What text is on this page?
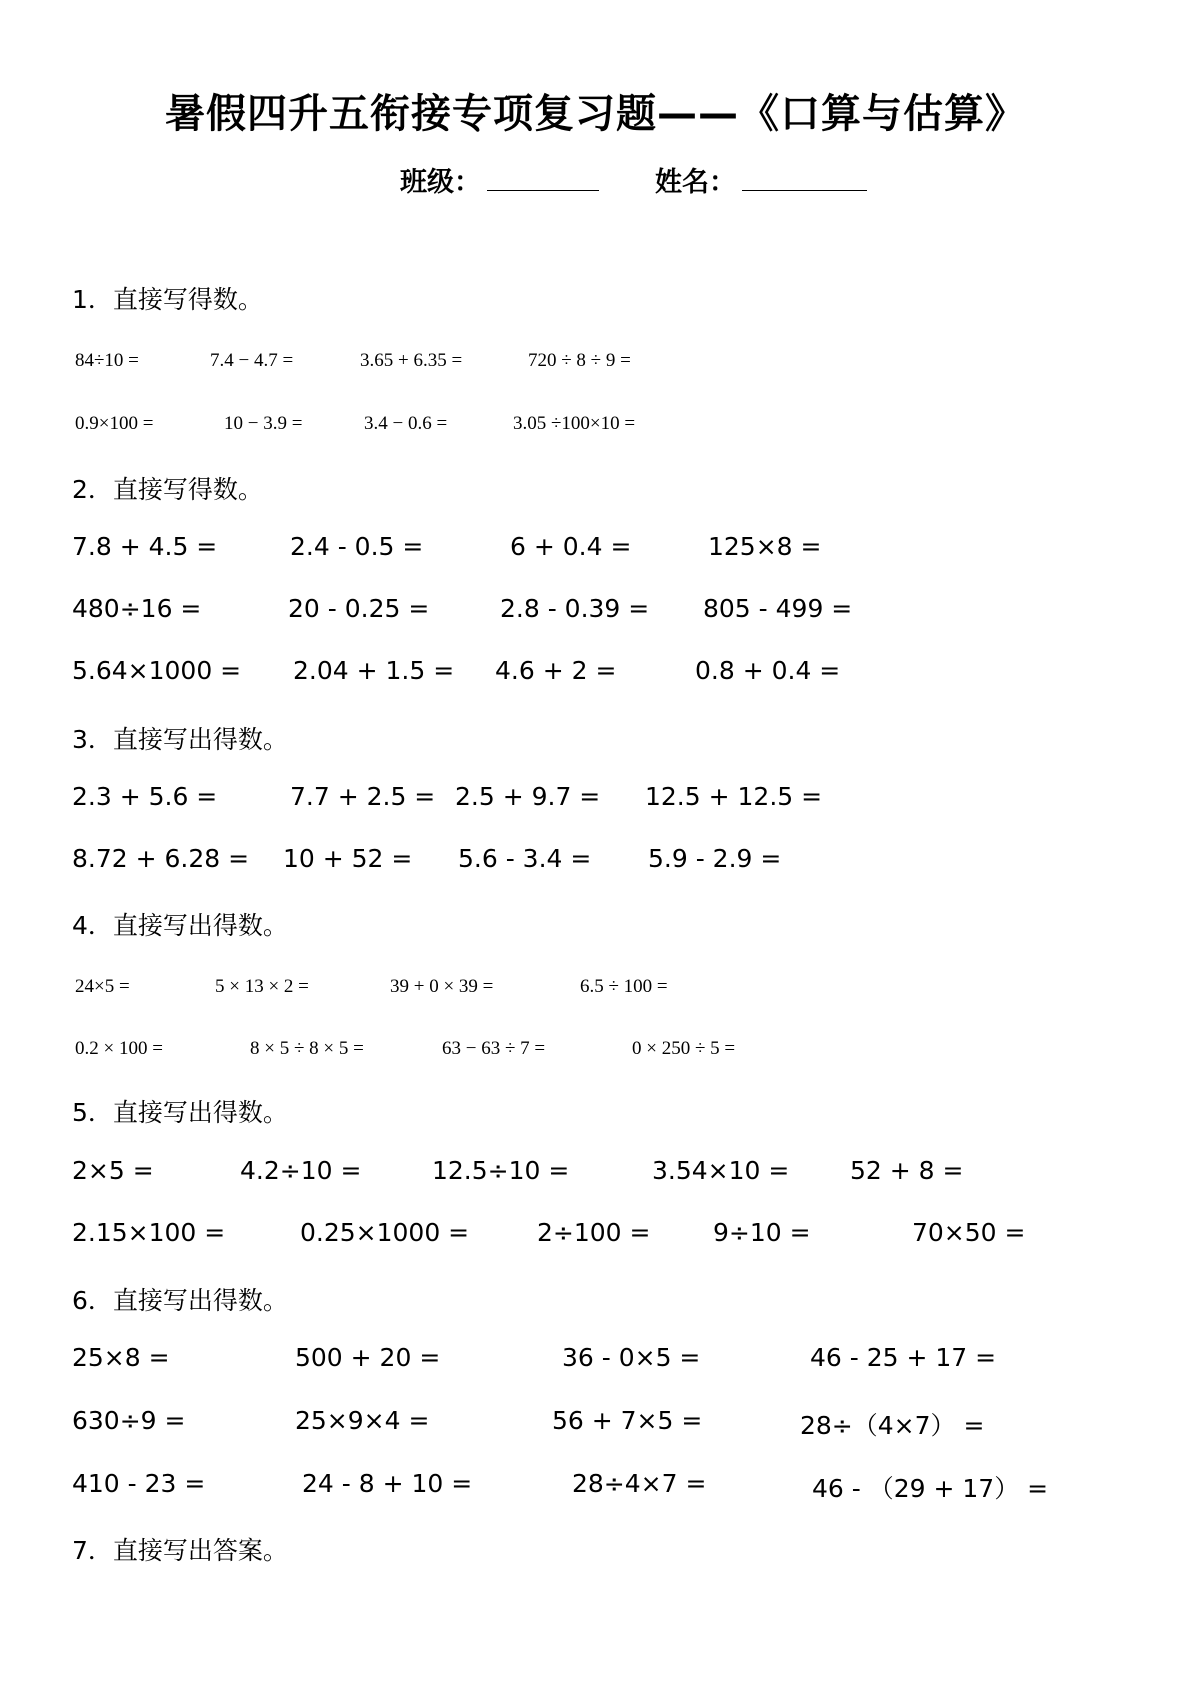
暑假四升五衔接专项复习题——《口算与估算》
班级：	姓名：

1．直接写得数。

84÷10 =	7.4 − 4.7 =	3.65 + 6.35 =	720 ÷ 8 ÷ 9 =
0.9×100 =	10 − 3.9 =	3.4 − 0.6 =	3.05 ÷100×10 =

2．直接写得数。

7.8 + 4.5 =	2.4 - 0.5 =	6 + 0.4 =	125×8 =
480÷16 =	20 - 0.25 =	2.8 - 0.39 = 805 - 499 =
5.64×1000 = 2.04 + 1.5 = 4.6 + 2 =	0.8 + 0.4 =

3．直接写出得数。

2.3 + 5.6 =	7.7 + 2.5 = 2.5 + 9.7 = 12.5 + 12.5 =
8.72 + 6.28 = 10 + 52 = 5.6 - 3.4 = 5.9 - 2.9 =

4．直接写出得数。

24×5 =	5 × 13 × 2 =	39 + 0 × 39 =	6.5 ÷ 100 =
0.2 × 100 =	8 × 5 ÷ 8 × 5 =	63 − 63 ÷ 7 =	0 × 250 ÷ 5 =

5．直接写出得数。

2×5 =	4.2÷10 =	12.5÷10 =	3.54×10 = 52 + 8 =
2.15×100 =	0.25×1000 =	2÷100 =	9÷10 =	70×50 =

6．直接写出得数。

25×8 =	500 + 20 =	36 - 0×5 =	46 - 25 + 17 =
630÷9 =	25×9×4 =	56 + 7×5 =	28÷（4×7） =
410 - 23 =	24 - 8 + 10 =	28÷4×7 =	46 - （29 + 17） =

7．直接写出答案。
